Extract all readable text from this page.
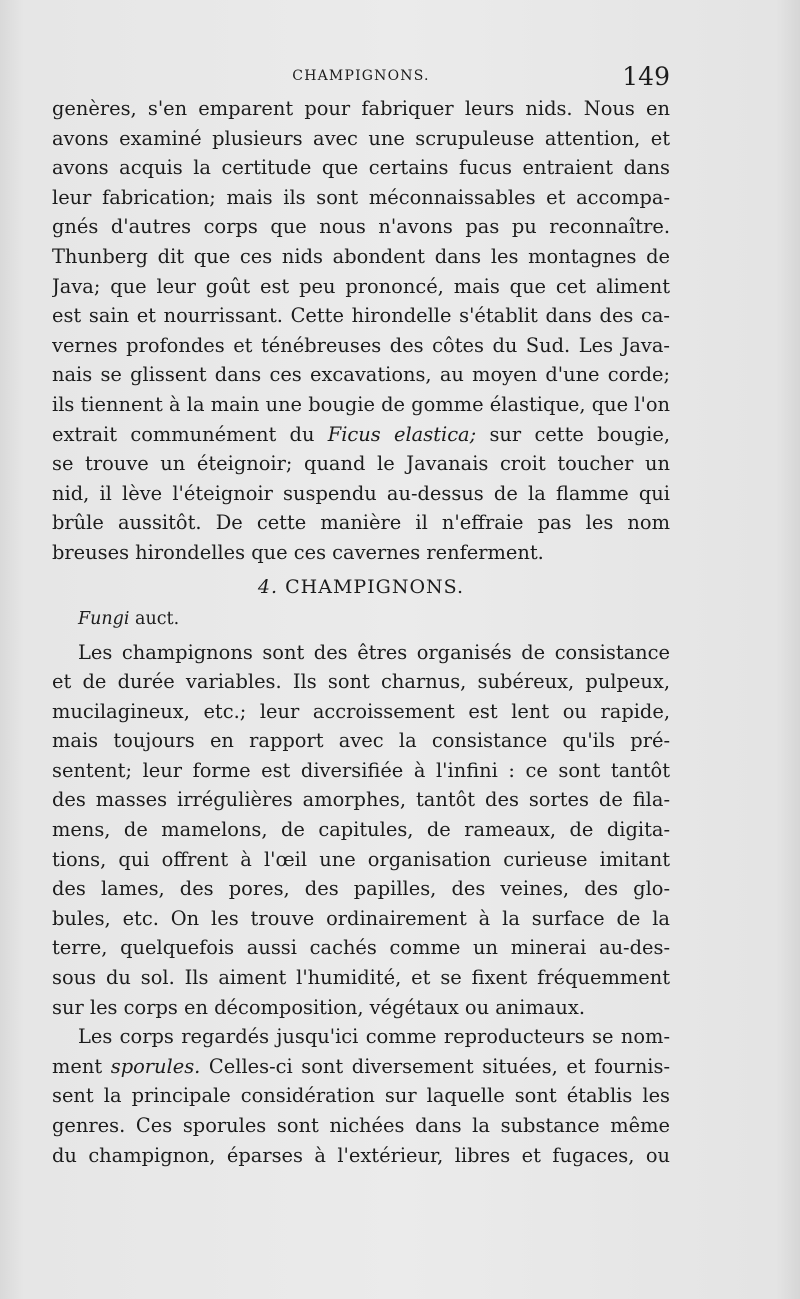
CHAMPIGNONS.	149
genères, s'en emparent pour fabriquer leurs nids. Nous en
avons examiné plusieurs avec une scrupuleuse attention, et
avons acquis la certitude que certains fucus entraient dans
leur fabrication; mais ils sont méconnaissables et accompa-
gnés d'autres corps que nous n'avons pas pu reconnaître.
Thunberg dit que ces nids abondent dans les montagnes de
Java; que leur goût est peu prononcé, mais que cet aliment
est sain et nourrissant. Cette hirondelle s'établit dans des ca-
vernes profondes et ténébreuses des côtes du Sud. Les Java-
nais se glissent dans ces excavations, au moyen d'une corde;
ils tiennent à la main une bougie de gomme élastique, que l'on
extrait communément du Ficus elastica; sur cette bougie,
se trouve un éteignoir; quand le Javanais croit toucher un
nid, il lève l'éteignoir suspendu au-dessus de la flamme qui
brûle aussitôt. De cette manière il n'effraie pas les nom
breuses hirondelles que ces cavernes renferment.
4. CHAMPIGNONS.
Fungi auct.
Les champignons sont des êtres organisés de consistance
et de durée variables. Ils sont charnus, subéreux, pulpeux,
mucilagineux, etc.; leur accroissement est lent ou rapide,
mais toujours en rapport avec la consistance qu'ils pré-
sentent; leur forme est diversifiée à l'infini : ce sont tantôt
des masses irrégulières amorphes, tantôt des sortes de fila-
mens, de mamelons, de capitules, de rameaux, de digita-
tions, qui offrent à l'œil une organisation curieuse imitant
des lames, des pores, des papilles, des veines, des glo-
bules, etc. On les trouve ordinairement à la surface de la
terre, quelquefois aussi cachés comme un minerai au-des-
sous du sol. Ils aiment l'humidité, et se fixent fréquemment
sur les corps en décomposition, végétaux ou animaux.
Les corps regardés jusqu'ici comme reproducteurs se nom-
ment sporules. Celles-ci sont diversement situées, et fournis-
sent la principale considération sur laquelle sont établis les
genres. Ces sporules sont nichées dans la substance même
du champignon, éparses à l'extérieur, libres et fugaces, ou
